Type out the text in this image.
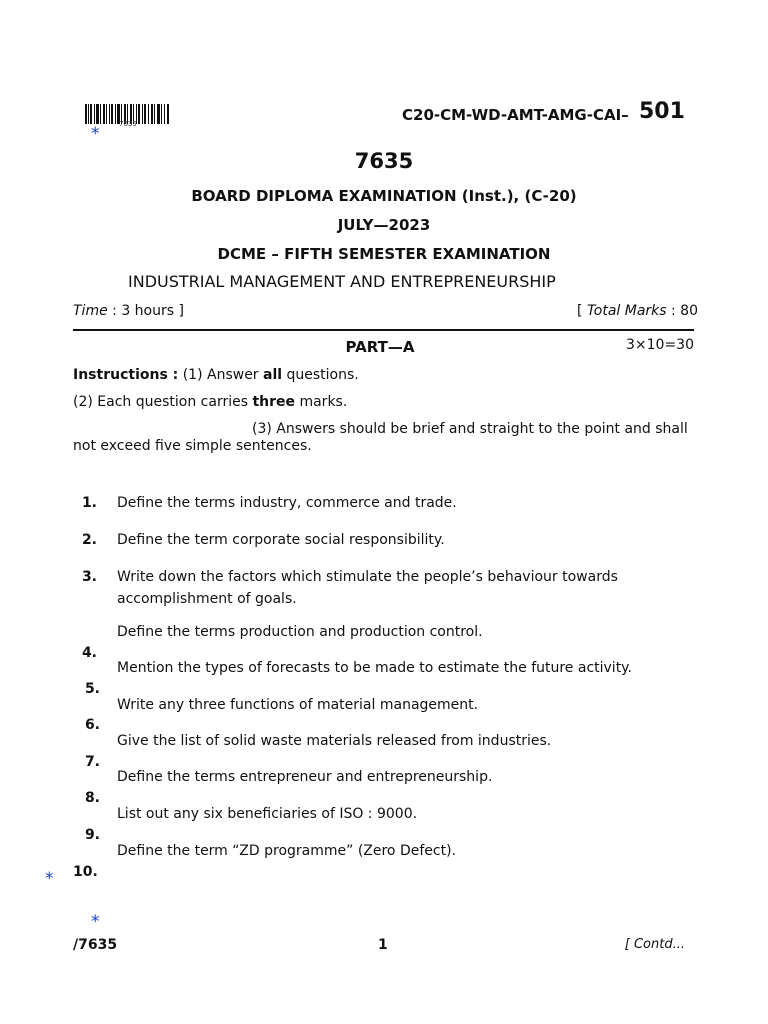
7635
*
C20-CM-WD-AMT-AMG-CAI– 501
7635
BOARD DIPLOMA EXAMINATION (Inst.), (C-20)
JULY—2023
DCME – FIFTH SEMESTER EXAMINATION
INDUSTRIAL MANAGEMENT AND ENTREPRENEURSHIP
Time : 3 hours ]	[ Total Marks : 80
PART—A	3×10=30
Instructions : (1) Answer all questions.
(2) Each question carries three marks.
(3) Answers should be brief and straight to the point and shall
not exceed five simple sentences.
1. Define the terms industry, commerce and trade.
2. Define the term corporate social responsibility.
3. Write down the factors which stimulate the people’s behaviour towards
accomplishment of goals.
Define the terms production and production control.
4.
Mention the types of forecasts to be made to estimate the future activity.
5.
Write any three functions of material management.
6.
Give the list of solid waste materials released from industries.
7.
Define the terms entrepreneur and entrepreneurship.
8.
List out any six beneficiaries of ISO : 9000.
9.
Define the term “ZD programme” (Zero Defect).
10.
*
*
/7635	1	[ Contd...
